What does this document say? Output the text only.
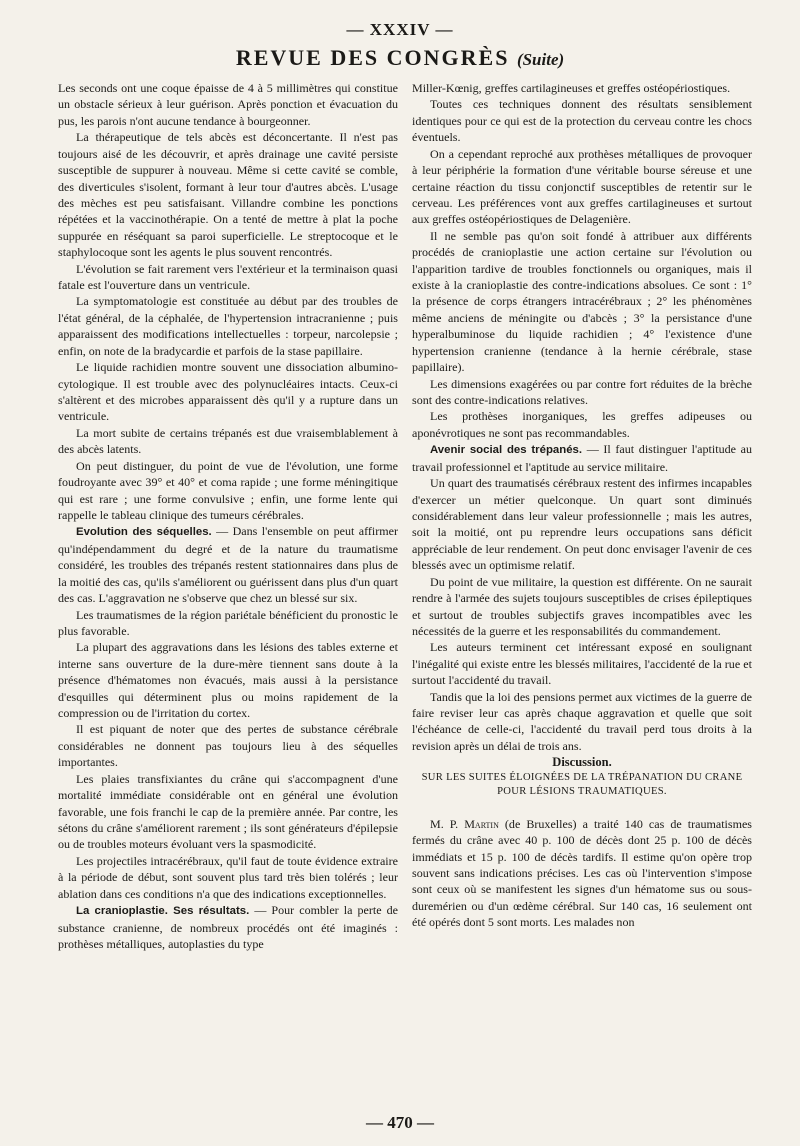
— XXXIV —
REVUE DES CONGRÈS (Suite)

Les seconds ont une coque épaisse de 4 à 5 millimètres qui constitue un obstacle sérieux à leur guérison. Après ponction et évacuation du pus, les parois n'ont aucune tendance à bourgeonner.

La thérapeutique de tels abcès est déconcertante. Il n'est pas toujours aisé de les découvrir, et après drainage une cavité persiste susceptible de suppurer à nouveau. Même si cette cavité se comble, des diverticules s'isolent, formant à leur tour d'autres abcès. L'usage des mèches est peu satisfaisant. Villandre combine les ponctions répétées et la vaccinothérapie. On a tenté de mettre à plat la poche suppurée en réséquant sa paroi superficielle. Le streptocoque et le staphylocoque sont les agents le plus souvent rencontrés.

L'évolution se fait rarement vers l'extérieur et la terminaison quasi fatale est l'ouverture dans un ventricule.

La symptomatologie est constituée au début par des troubles de l'état général, de la céphalée, de l'hypertension intracranienne ; puis apparaissent des modifications intellectuelles : torpeur, narcolepsie ; enfin, on note de la bradycardie et parfois de la stase papillaire.

Le liquide rachidien montre souvent une dissociation albumino-cytologique. Il est trouble avec des polynucléaires intacts. Ceux-ci s'altèrent et des microbes apparaissent dès qu'il y a rupture dans un ventricule.

La mort subite de certains trépanés est due vraisemblablement à des abcès latents.

On peut distinguer, du point de vue de l'évolution, une forme foudroyante avec 39° et 40° et coma rapide ; une forme méningitique qui est rare ; une forme convulsive ; enfin, une forme lente qui rappelle le tableau clinique des tumeurs cérébrales.

Evolution des séquelles. — Dans l'ensemble on peut affirmer qu'indépendamment du degré et de la nature du traumatisme considéré, les troubles des trépanés restent stationnaires dans plus de la moitié des cas, qu'ils s'améliorent ou guérissent dans plus d'un quart des cas. L'aggravation ne s'observe que chez un blessé sur six.

Les traumatismes de la région pariétale bénéficient du pronostic le plus favorable.

La plupart des aggravations dans les lésions des tables externe et interne sans ouverture de la dure-mère tiennent sans doute à la présence d'hématomes non évacués, mais aussi à la persistance d'esquilles qui déterminent plus ou moins rapidement de la compression ou de l'irritation du cortex.

Il est piquant de noter que des pertes de substance cérébrale considérables ne donnent pas toujours lieu à des séquelles importantes.

Les plaies transfixiantes du crâne qui s'accompagnent d'une mortalité immédiate considérable ont en général une évolution favorable, une fois franchi le cap de la première année. Par contre, les sétons du crâne s'améliorent rarement ; ils sont générateurs d'épilepsie ou de troubles moteurs évoluant vers la spasmodicité.

Les projectiles intracérébraux, qu'il faut de toute évidence extraire à la période de début, sont souvent plus tard très bien tolérés ; leur ablation dans ces conditions n'a que des indications exceptionnelles.

La cranioplastie. Ses résultats. — Pour combler la perte de substance cranienne, de nombreux procédés ont été imaginés : prothèses métalliques, autoplasties du type

Miller-Kœnig, greffes cartilagineuses et greffes ostéopériostiques.

Toutes ces techniques donnent des résultats sensiblement identiques pour ce qui est de la protection du cerveau contre les chocs éventuels.

On a cependant reproché aux prothèses métalliques de provoquer à leur périphérie la formation d'une véritable bourse séreuse et une certaine réaction du tissu conjonctif susceptibles de retentir sur le cerveau. Les préférences vont aux greffes cartilagineuses et surtout aux greffes ostéopériostiques de Delagenière.

Il ne semble pas qu'on soit fondé à attribuer aux différents procédés de cranioplastie une action certaine sur l'évolution ou l'apparition tardive de troubles fonctionnels ou organiques, mais il existe à la cranioplastie des contre-indications absolues. Ce sont : 1° la présence de corps étrangers intracérébraux ; 2° les phénomènes même anciens de méningite ou d'abcès ; 3° la persistance d'une hyperalbuminose du liquide rachidien ; 4° l'existence d'une hypertension cranienne (tendance à la hernie cérébrale, stase papillaire).

Les dimensions exagérées ou par contre fort réduites de la brèche sont des contre-indications relatives.

Les prothèses inorganiques, les greffes adipeuses ou aponévrotiques ne sont pas recommandables.

Avenir social des trépanés. — Il faut distinguer l'aptitude au travail professionnel et l'aptitude au service militaire.

Un quart des traumatisés cérébraux restent des infirmes incapables d'exercer un métier quelconque. Un quart sont diminués considérablement dans leur valeur professionnelle ; mais les autres, soit la moitié, ont pu reprendre leurs occupations sans déficit appréciable de leur rendement. On peut donc envisager l'avenir de ces blessés avec un optimisme relatif.

Du point de vue militaire, la question est différente. On ne saurait rendre à l'armée des sujets toujours susceptibles de crises épileptiques et surtout de troubles subjectifs graves incompatibles avec les nécessités de la guerre et les responsabilités du commandement.

Les auteurs terminent cet intéressant exposé en soulignant l'inégalité qui existe entre les blessés militaires, l'accidenté de la rue et surtout l'accidenté du travail.

Tandis que la loi des pensions permet aux victimes de la guerre de faire reviser leur cas après chaque aggravation et quelle que soit l'échéance de celle-ci, l'accidenté du travail perd tous droits à la revision après un délai de trois ans.

Discussion.

SUR LES SUITES ÉLOIGNÉES DE LA TRÉPANATION DU CRANE POUR LÉSIONS TRAUMATIQUES.

M. P. Martin (de Bruxelles) a traité 140 cas de traumatismes fermés du crâne avec 40 p. 100 de décès dont 25 p. 100 de décès immédiats et 15 p. 100 de décès tardifs. Il estime qu'on opère trop souvent sans indications précises. Les cas où l'intervention s'impose sont ceux où se manifestent les signes d'un hématome sus ou sous-duremérien ou d'un œdème cérébral. Sur 140 cas, 16 seulement ont été opérés dont 5 sont morts. Les malades non

— 470 —
